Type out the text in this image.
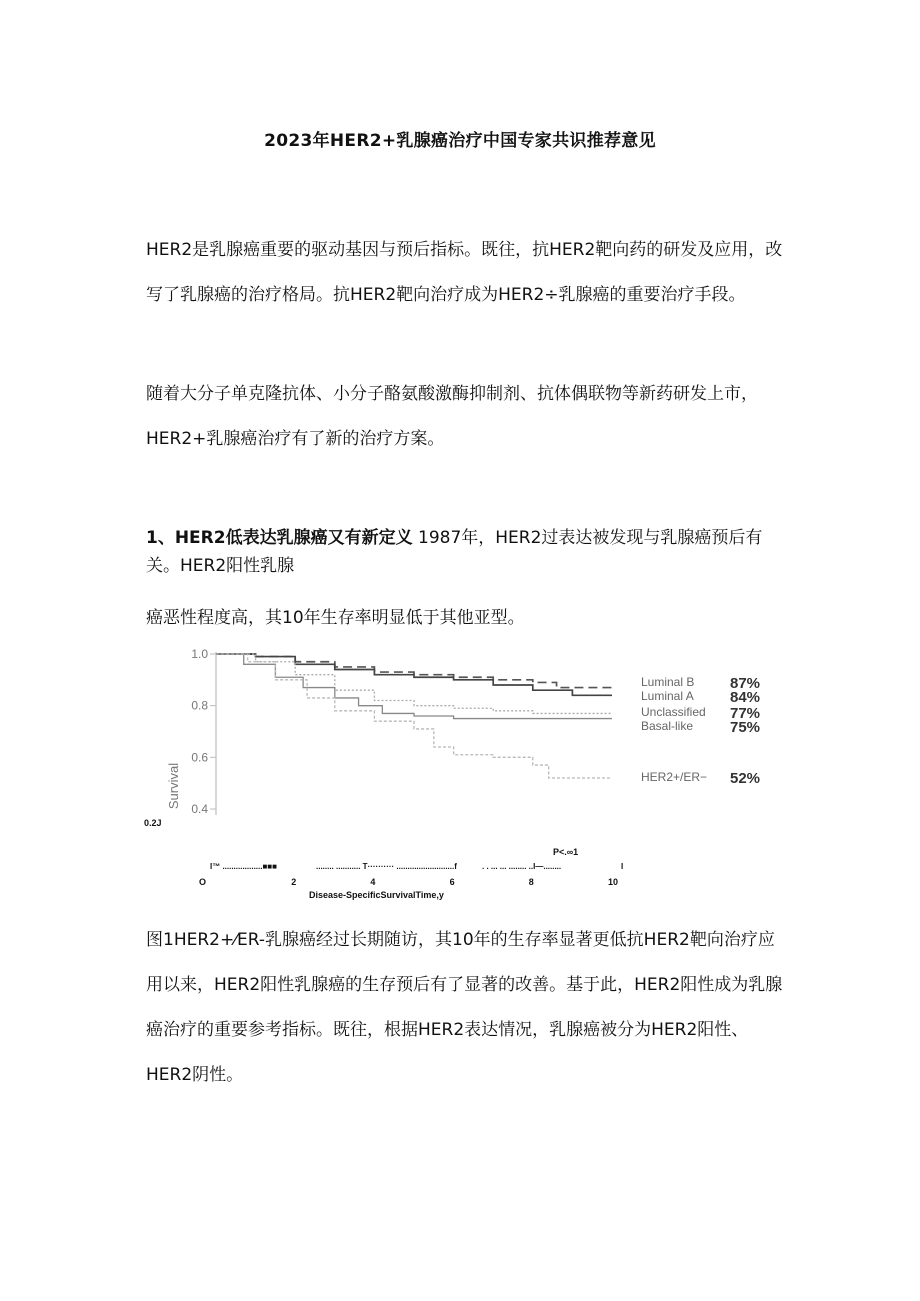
2023年HER2+乳腺癌治疗中国专家共识推荐意见

HER2是乳腺癌重要的驱动基因与预后指标。既往，抗HER2靶向药的研发及应用，改写了乳腺癌的治疗格局。抗HER2靶向治疗成为HER2÷乳腺癌的重要治疗手段。

随着大分子单克隆抗体、小分子酪氨酸激酶抑制剂、抗体偶联物等新药研发上市，HER2+乳腺癌治疗有了新的治疗方案。

1、HER2低表达乳腺癌又有新定义 1987年，HER2过表达被发现与乳腺癌预后有关。HER2阳性乳腺

癌恶性程度高，其10年生存率明显低于其他亚型。

1.0
0.8
0.6
0.4
O	2	4	6	8	10
Luminal B 87%
Luminal A 84%
Unclassified 77%
Basal-like 75%
HER2+/ER− 52%
Survival
0.2J
P<.∞1
I™ ..................■■■	........ ........... T·········· ..........................f	. . ... ... ........ ..I—........	I
Disease-SpecificSurvivalTime,y

图1HER2+⁄ER-乳腺癌经过长期随访，其10年的生存率显著更低抗HER2靶向治疗应用以来，HER2阳性乳腺癌的生存预后有了显著的改善。基于此，HER2阳性成为乳腺癌治疗的重要参考指标。既往，根据HER2表达情况，乳腺癌被分为HER2阳性、HER2阴性。
